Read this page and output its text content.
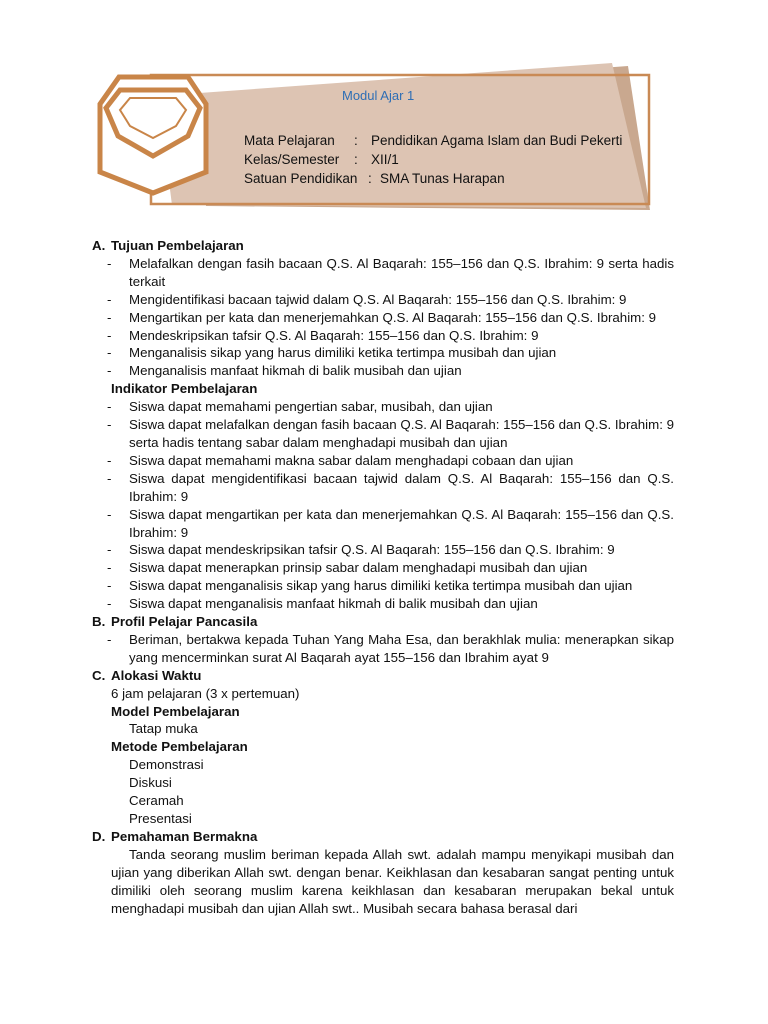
Modul Ajar 1
Mata Pelajaran : Pendidikan Agama Islam dan Budi Pekerti
Kelas/Semester : XII/1
Satuan Pendidikan : SMA Tunas Harapan
A. Tujuan Pembelajaran
- Melafalkan dengan fasih bacaan Q.S. Al Baqarah: 155–156 dan Q.S. Ibrahim: 9 serta hadis terkait
- Mengidentifikasi bacaan tajwid dalam Q.S. Al Baqarah: 155–156 dan Q.S. Ibrahim: 9
- Mengartikan per kata dan menerjemahkan Q.S. Al Baqarah: 155–156 dan Q.S. Ibrahim: 9
- Mendeskripsikan tafsir Q.S. Al Baqarah: 155–156 dan Q.S. Ibrahim: 9
- Menganalisis sikap yang harus dimiliki ketika tertimpa musibah dan ujian
- Menganalisis manfaat hikmah di balik musibah dan ujian
Indikator Pembelajaran
- Siswa dapat memahami pengertian sabar, musibah, dan ujian
- Siswa dapat melafalkan dengan fasih bacaan Q.S. Al Baqarah: 155–156 dan Q.S. Ibrahim: 9 serta hadis tentang sabar dalam menghadapi musibah dan ujian
- Siswa dapat memahami makna sabar dalam menghadapi cobaan dan ujian
- Siswa dapat mengidentifikasi bacaan tajwid dalam Q.S. Al Baqarah: 155–156 dan Q.S. Ibrahim: 9
- Siswa dapat mengartikan per kata dan menerjemahkan Q.S. Al Baqarah: 155–156 dan Q.S. Ibrahim: 9
- Siswa dapat mendeskripsikan tafsir Q.S. Al Baqarah: 155–156 dan Q.S. Ibrahim: 9
- Siswa dapat menerapkan prinsip sabar dalam menghadapi musibah dan ujian
- Siswa dapat menganalisis sikap yang harus dimiliki ketika tertimpa musibah dan ujian
- Siswa dapat menganalisis manfaat hikmah di balik musibah dan ujian
B. Profil Pelajar Pancasila
- Beriman, bertakwa kepada Tuhan Yang Maha Esa, dan berakhlak mulia: menerapkan sikap yang mencerminkan surat Al Baqarah ayat 155–156 dan Ibrahim ayat 9
C. Alokasi Waktu
6 jam pelajaran (3 x pertemuan)
Model Pembelajaran
Tatap muka
Metode Pembelajaran
Demonstrasi
Diskusi
Ceramah
Presentasi
D. Pemahaman Bermakna
Tanda seorang muslim beriman kepada Allah swt. adalah mampu menyikapi musibah dan ujian yang diberikan Allah swt. dengan benar. Keikhlasan dan kesabaran sangat penting untuk dimiliki oleh seorang muslim karena keikhlasan dan kesabaran merupakan bekal untuk menghadapi musibah dan ujian Allah swt.. Musibah secara bahasa berasal dari
